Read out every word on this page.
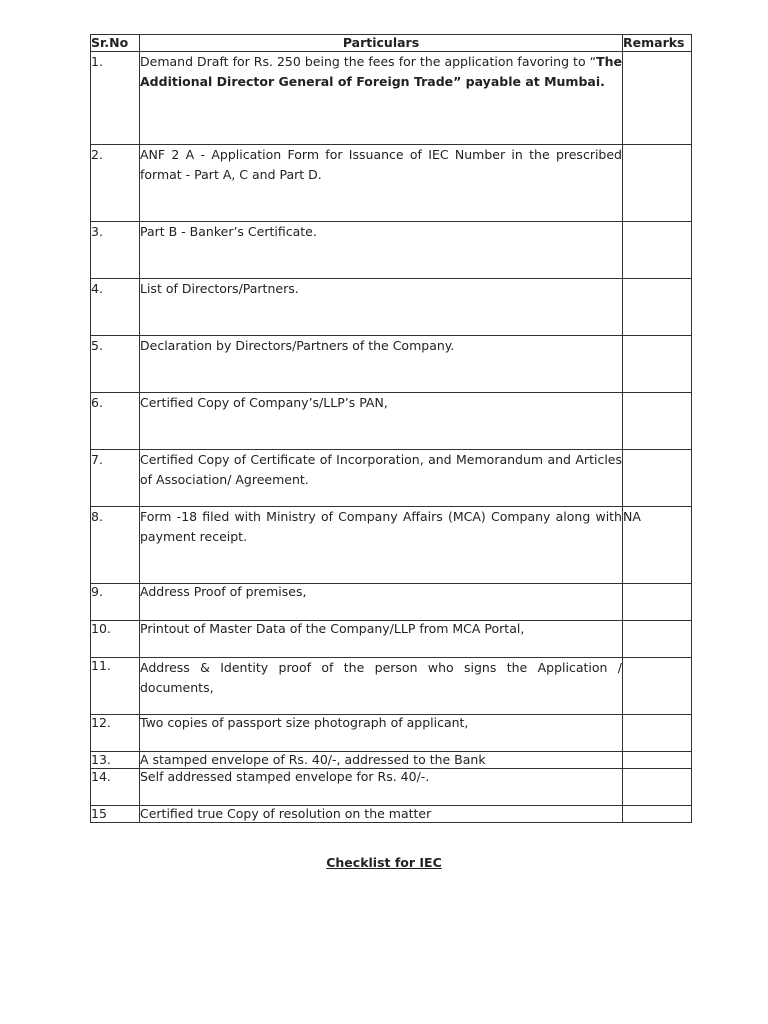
Sr.No	Particulars	Remarks
1.	Demand Draft for Rs. 250 being the fees for the application favoring to “The Additional Director General of Foreign Trade” payable at Mumbai.	
2.	ANF 2 A - Application Form for Issuance of IEC Number in the prescribed format - Part A, C and Part D.	
3.	Part B - Banker’s Certificate.	
4.	List of Directors/Partners.	
5.	Declaration by Directors/Partners of the Company.	
6.	Certified Copy of Company’s/LLP’s PAN,	
7.	Certified Copy of Certificate of Incorporation, and Memorandum and Articles of Association/ Agreement.	
8.	Form -18 filed with Ministry of Company Affairs (MCA) Company along with payment receipt.	NA
9.	Address Proof of premises,	
10.	Printout of Master Data of the Company/LLP from MCA Portal,	
11.	Address & Identity proof of the person who signs the Application / documents,	
12.	Two copies of passport size photograph of applicant,	
13.	A stamped envelope of Rs. 40/-, addressed to the Bank	
14.	Self addressed stamped envelope for Rs. 40/-.	
15	Certified true Copy of resolution on the matter	
Checklist for IEC
